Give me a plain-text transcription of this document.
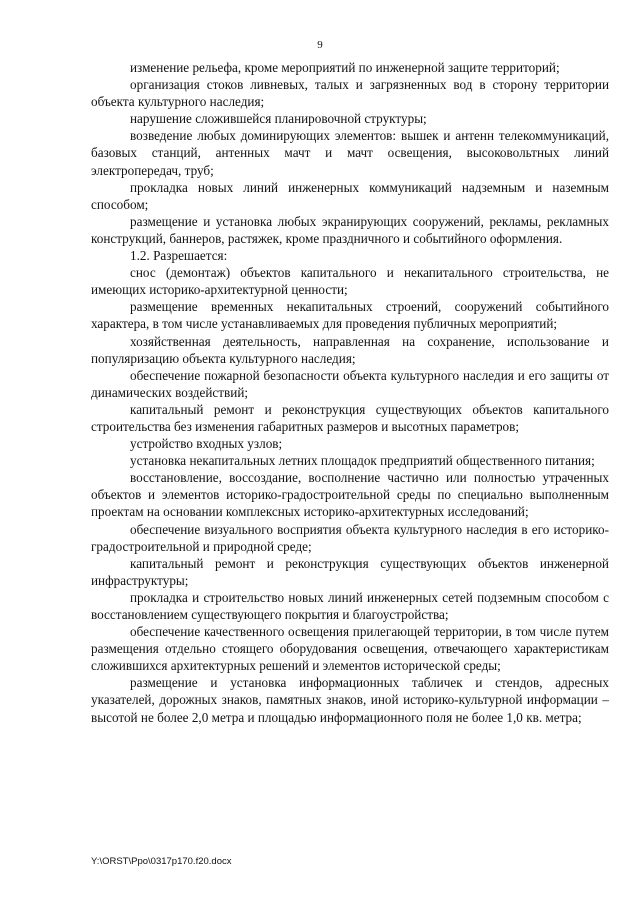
9

изменение рельефа, кроме мероприятий по инженерной защите территорий;

организация стоков ливневых, талых и загрязненных вод в сторону территории объекта культурного наследия;

нарушение сложившейся планировочной структуры;

возведение любых доминирующих элементов: вышек и антенн телекоммуникаций, базовых станций, антенных мачт и мачт освещения, высоковольтных линий электропередач, труб;

прокладка новых линий инженерных коммуникаций надземным и наземным способом;

размещение и установка любых экранирующих сооружений, рекламы, рекламных конструкций, баннеров, растяжек, кроме праздничного и событийного оформления.

1.2. Разрешается:

снос (демонтаж) объектов капитального и некапитального строительства, не имеющих историко-архитектурной ценности;

размещение временных некапитальных строений, сооружений событийного характера, в том числе устанавливаемых для проведения публичных мероприятий;

хозяйственная деятельность, направленная на сохранение, использование и популяризацию объекта культурного наследия;

обеспечение пожарной безопасности объекта культурного наследия и его защиты от динамических воздействий;

капитальный ремонт и реконструкция существующих объектов капитального строительства без изменения габаритных размеров и высотных параметров;

устройство входных узлов;

установка некапитальных летних площадок предприятий общественного питания;

восстановление, воссоздание, восполнение частично или полностью утраченных объектов и элементов историко-градостроительной среды по специально выполненным проектам на основании комплексных историко-архитектурных исследований;

обеспечение визуального восприятия объекта культурного наследия в его историко-градостроительной и природной среде;

капитальный ремонт и реконструкция существующих объектов инженерной инфраструктуры;

прокладка и строительство новых линий инженерных сетей подземным способом с восстановлением существующего покрытия и благоустройства;

обеспечение качественного освещения прилегающей территории, в том числе путем размещения отдельно стоящего оборудования освещения, отвечающего характеристикам сложившихся архитектурных решений и элементов исторической среды;

размещение и установка информационных табличек и стендов, адресных указателей, дорожных знаков, памятных знаков, иной историко-культурной информации – высотой не более 2,0 метра и площадью информационного поля не более 1,0 кв. метра;

Y:\ORST\Ppo\0317p170.f20.docx
